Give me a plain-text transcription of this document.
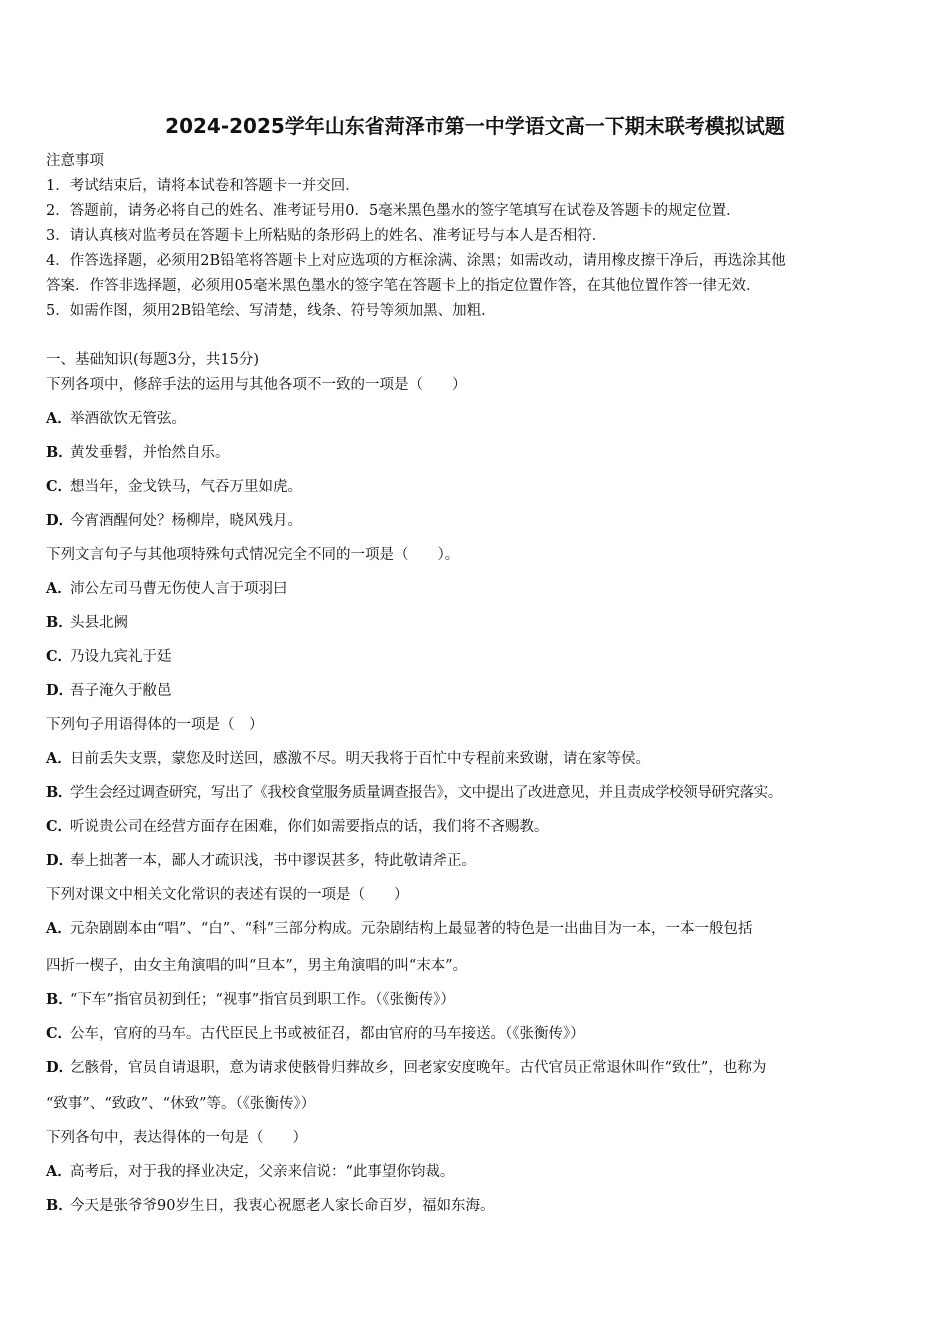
2024-2025学年山东省菏泽市第一中学语文高一下期末联考模拟试题
注意事项
1．考试结束后，请将本试卷和答题卡一并交回．
2．答题前，请务必将自己的姓名、准考证号用0．5毫米黑色墨水的签字笔填写在试卷及答题卡的规定位置．
3．请认真核对监考员在答题卡上所粘贴的条形码上的姓名、准考证号与本人是否相符．
4．作答选择题，必须用2B铅笔将答题卡上对应选项的方框涂满、涂黑；如需改动，请用橡皮擦干净后，再选涂其他
答案．作答非选择题，必须用05毫米黑色墨水的签字笔在答题卡上的指定位置作答，在其他位置作答一律无效．
5．如需作图，须用2B铅笔绘、写清楚，线条、符号等须加黑、加粗．
一、基础知识(每题3分，共15分)
下列各项中，修辞手法的运用与其他各项不一致的一项是（　　）
A．举酒欲饮无管弦。
B．黄发垂髫，并怡然自乐。
C．想当年，金戈铁马，气吞万里如虎。
D．今宵酒醒何处？杨柳岸，晓风残月。
下列文言句子与其他项特殊句式情况完全不同的一项是（　　）。
A．沛公左司马曹无伤使人言于项羽曰
B．头县北阙
C．乃设九宾礼于廷
D．吾子淹久于敝邑
下列句子用语得体的一项是（　）
A．日前丢失支票，蒙您及时送回，感激不尽。明天我将于百忙中专程前来致谢，请在家等侯。
B．学生会经过调查研究，写出了《我校食堂服务质量调查报告》，文中提出了改进意见，并且责成学校领导研究落实。
C．听说贵公司在经营方面存在困难，你们如需要指点的话，我们将不吝赐教。
D．奉上拙著一本，鄙人才疏识浅，书中谬误甚多，特此敬请斧正。
下列对课文中相关文化常识的表述有误的一项是（　　）
A．元杂剧剧本由“唱”、“白”、“科”三部分构成。元杂剧结构上最显著的特色是一出曲目为一本，一本一般包括
四折一楔子，由女主角演唱的叫“旦本”，男主角演唱的叫“末本”。
B．“下车”指官员初到任；“视事”指官员到职工作。（《张衡传》）
C．公车，官府的马车。古代臣民上书或被征召，都由官府的马车接送。（《张衡传》）
D．乞骸骨，官员自请退职，意为请求使骸骨归葬故乡，回老家安度晚年。古代官员正常退休叫作“致仕”，也称为
“致事”、“致政”、“休致”等。（《张衡传》）
下列各句中，表达得体的一句是（　　）
A．高考后，对于我的择业决定，父亲来信说：“此事望你钧裁。
B．今天是张爷爷90岁生日，我衷心祝愿老人家长命百岁，福如东海。
